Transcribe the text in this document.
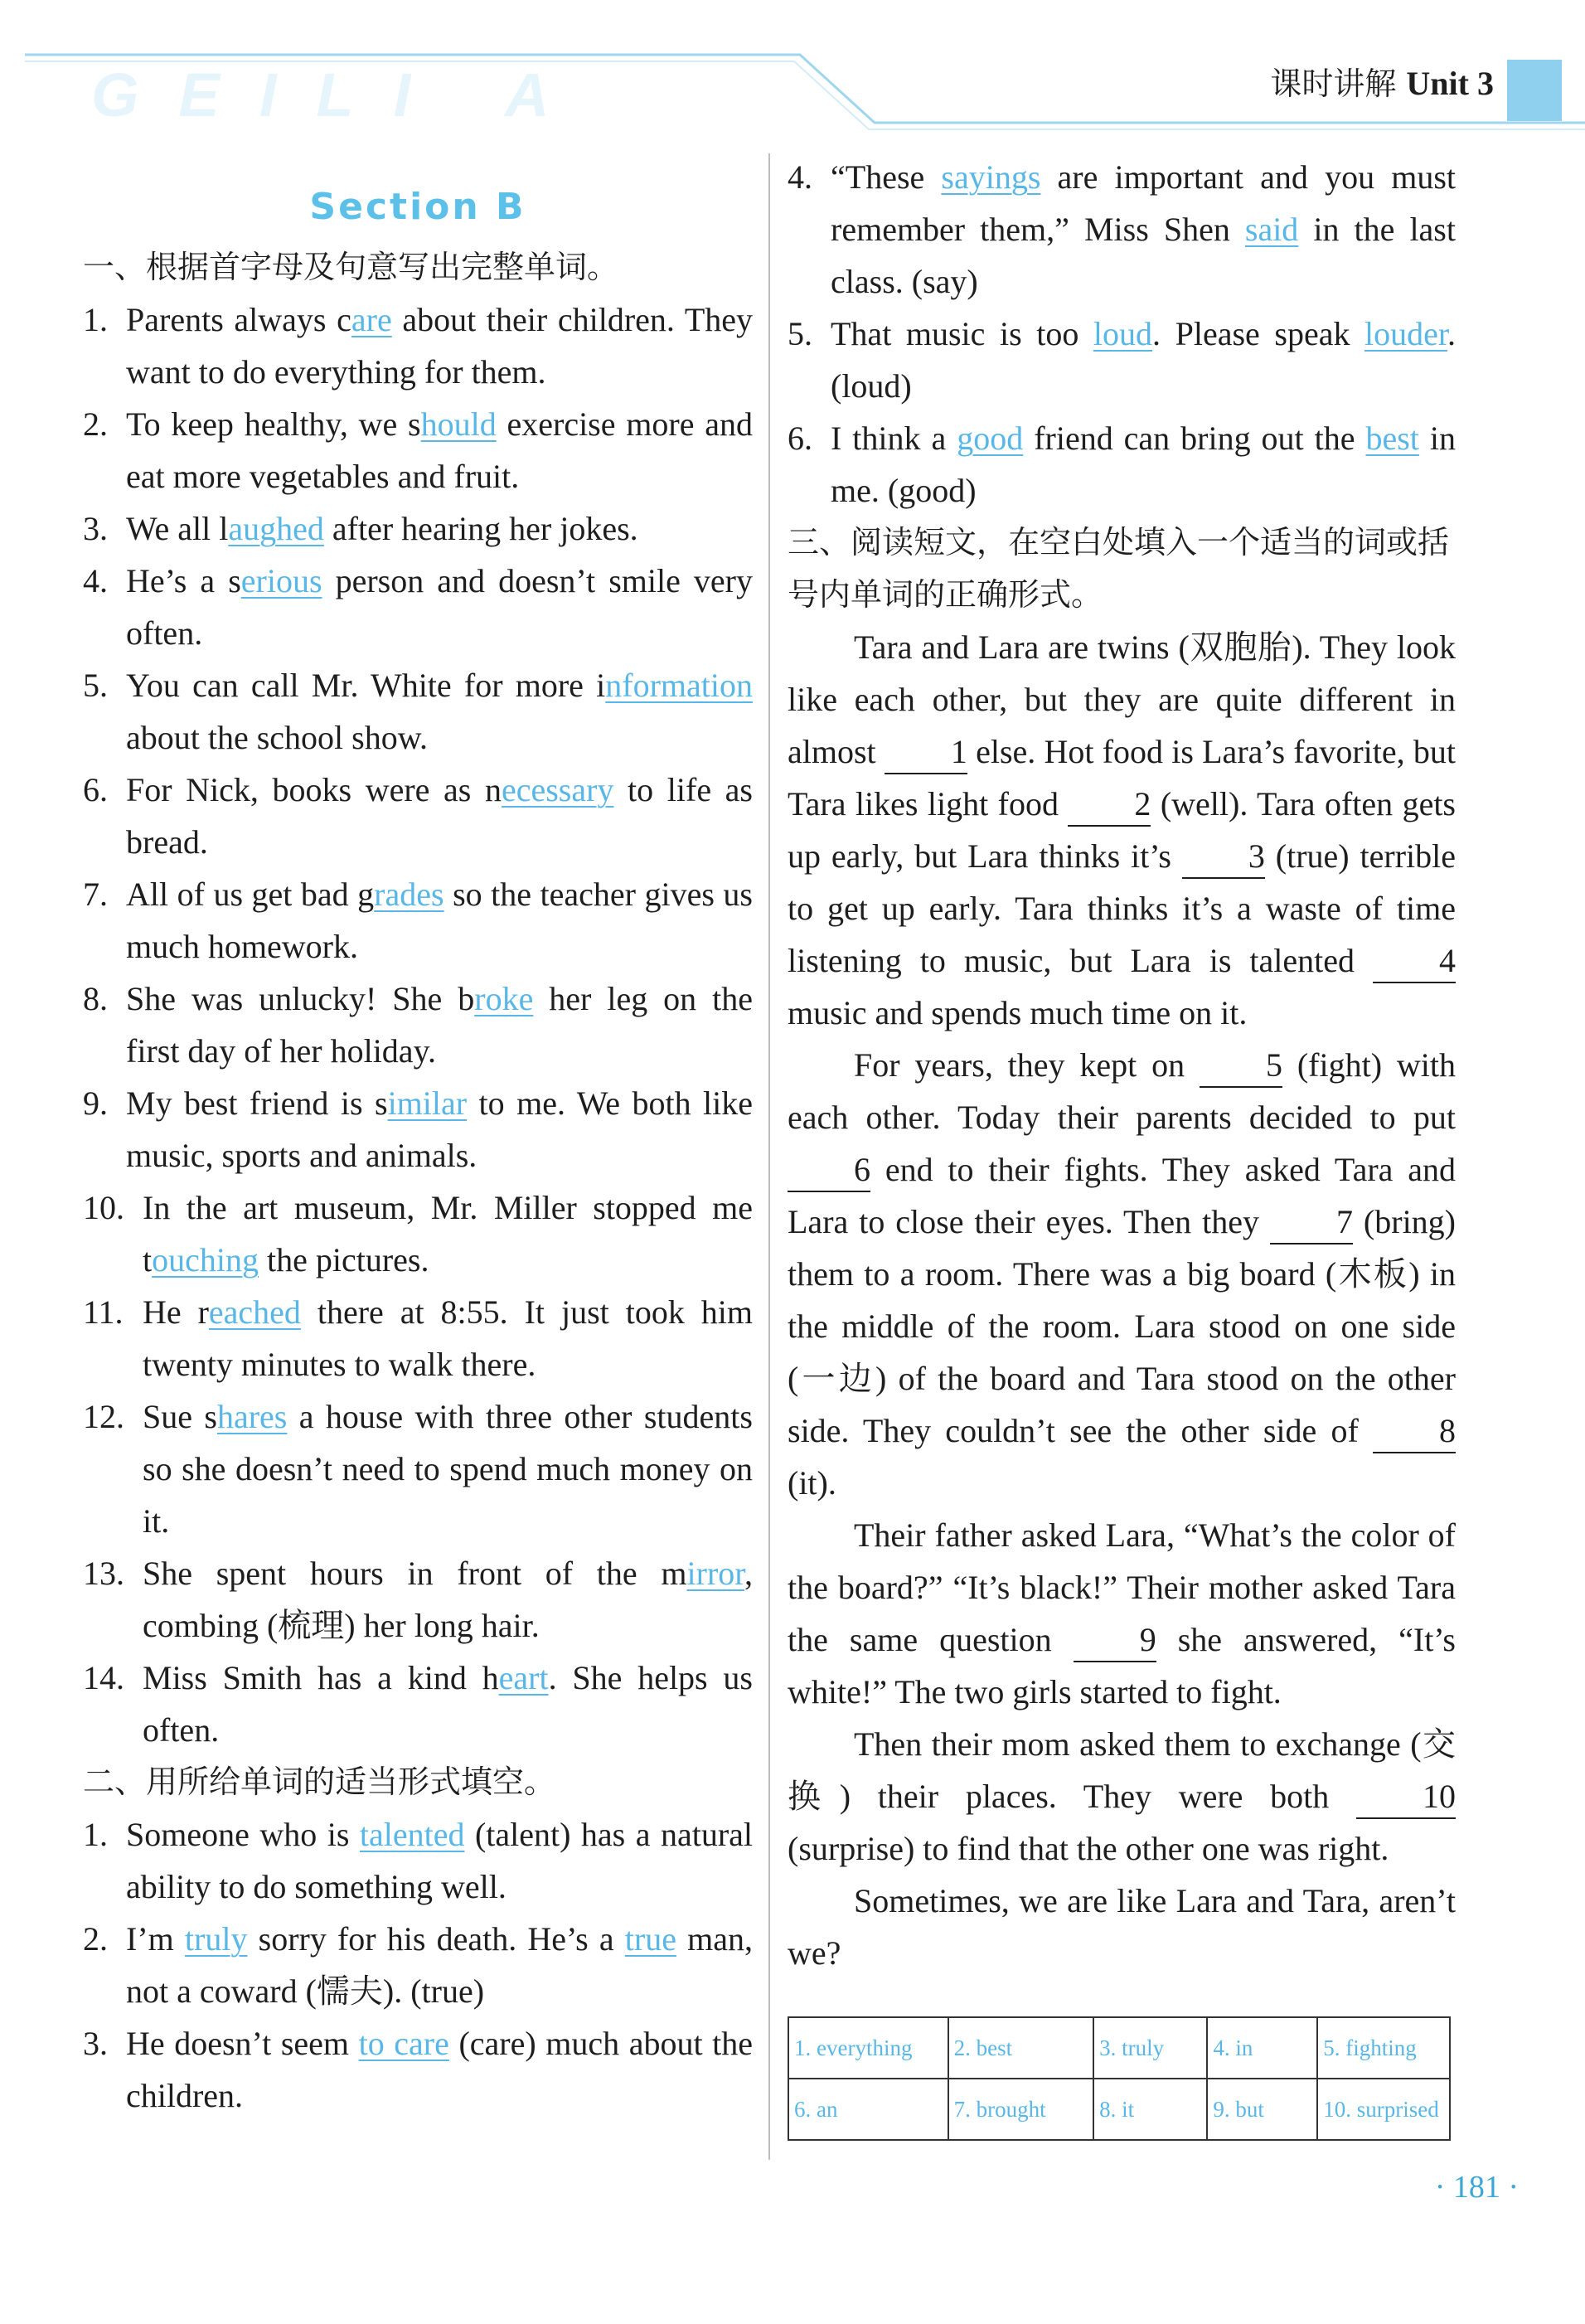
GEILI A	课时讲解 Unit 3
Section B
一、根据首字母及句意写出完整单词。
1. Parents always care about their children. They want to do everything for them.
2. To keep healthy, we should exercise more and eat more vegetables and fruit.
3. We all laughed after hearing her jokes.
4. He’s a serious person and doesn’t smile very often.
5. You can call Mr. White for more information about the school show.
6. For Nick, books were as necessary to life as bread.
7. All of us get bad grades so the teacher gives us much homework.
8. She was unlucky! She broke her leg on the first day of her holiday.
9. My best friend is similar to me. We both like music, sports and animals.
10. In the art museum, Mr. Miller stopped me touching the pictures.
11. He reached there at 8:55. It just took him twenty minutes to walk there.
12. Sue shares a house with three other students so she doesn’t need to spend much money on it.
13. She spent hours in front of the mirror, combing (梳理) her long hair.
14. Miss Smith has a kind heart. She helps us often.
二、用所给单词的适当形式填空。
1. Someone who is talented (talent) has a natural ability to do something well.
2. I’m truly sorry for his death. He’s a true man, not a coward (懦夫). (true)
3. He doesn’t seem to care (care) much about the children.
4. “These sayings are important and you must remember them,” Miss Shen said in the last class. (say)
5. That music is too loud. Please speak louder. (loud)
6. I think a good friend can bring out the best in me. (good)
三、阅读短文，在空白处填入一个适当的词或括号内单词的正确形式。
Tara and Lara are twins (双胞胎). They look like each other, but they are quite different in almost 1 else. Hot food is Lara’s favorite, but Tara likes light food 2 (well). Tara often gets up early, but Lara thinks it’s 3 (true) terrible to get up early. Tara thinks it’s a waste of time listening to music, but Lara is talented 4 music and spends much time on it.
For years, they kept on 5 (fight) with each other. Today their parents decided to put 6 end to their fights. They asked Tara and Lara to close their eyes. Then they 7 (bring) them to a room. There was a big board (木板) in the middle of the room. Lara stood on one side (一边) of the board and Tara stood on the other side. They couldn’t see the other side of 8 (it).
Their father asked Lara, “What’s the color of the board?” “It’s black!” Their mother asked Tara the same question 9 she answered, “It’s white!” The two girls started to fight.
Then their mom asked them to exchange (交换) their places. They were both 10 (surprise) to find that the other one was right.
Sometimes, we are like Lara and Tara, aren’t we?
1. everything	2. best	3. truly	4. in	5. fighting
6. an	7. brought	8. it	9. but	10. surprised
· 181 ·
